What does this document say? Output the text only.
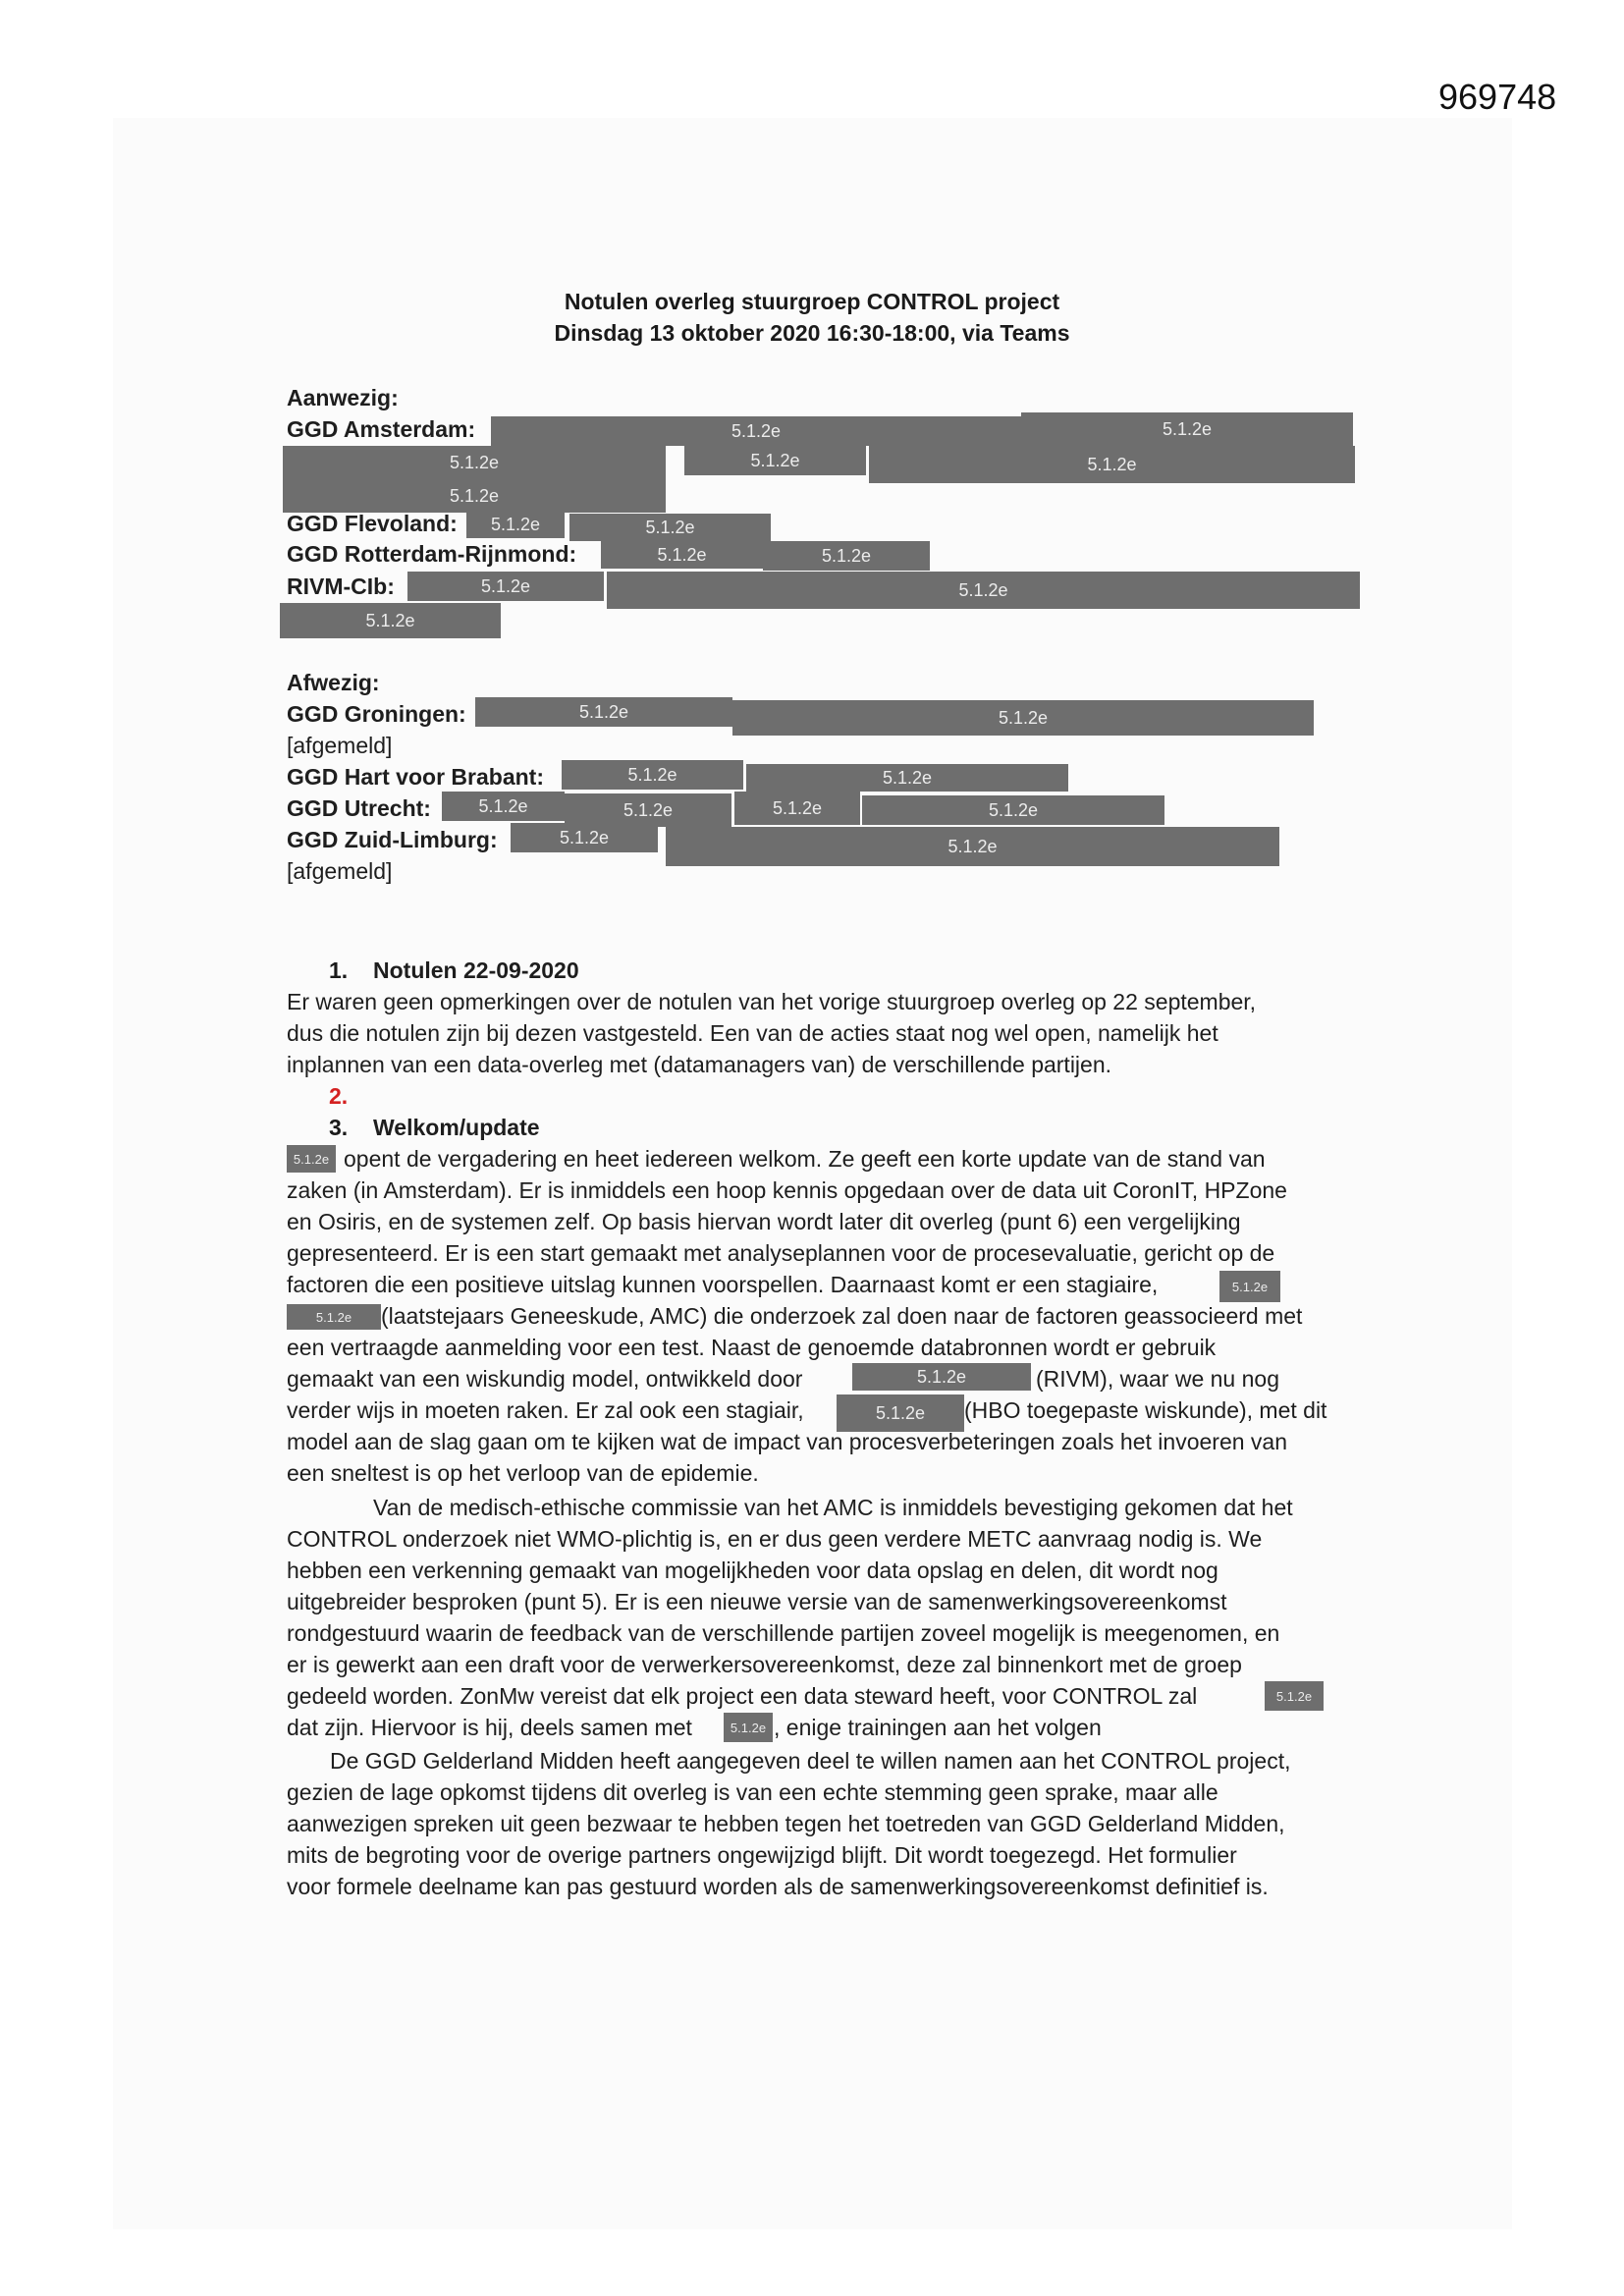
969748
Notulen overleg stuurgroep CONTROL project
Dinsdag 13 oktober 2020 16:30-18:00, via Teams
Aanwezig:
GGD Amsterdam:	5.1.2e	5.1.2e
5.1.2e	5.1.2e	5.1.2e
5.1.2e
GGD Flevoland:	5.1.2e	5.1.2e
GGD Rotterdam-Rijnmond:	5.1.2e	5.1.2e
RIVM-CIb:	5.1.2e	5.1.2e
5.1.2e
Afwezig:
GGD Groningen:	5.1.2e	5.1.2e
[afgemeld]
GGD Hart voor Brabant:	5.1.2e	5.1.2e
GGD Utrecht:	5.1.2e	5.1.2e	5.1.2e	5.1.2e
GGD Zuid-Limburg:	5.1.2e	5.1.2e
[afgemeld]
1. Notulen 22-09-2020
Er waren geen opmerkingen over de notulen van het vorige stuurgroep overleg op 22 september,
dus die notulen zijn bij dezen vastgesteld. Een van de acties staat nog wel open, namelijk het
inplannen van een data-overleg met (datamanagers van) de verschillende partijen.
2.
3. Welkom/update
5.1.2e opent de vergadering en heet iedereen welkom. Ze geeft een korte update van de stand van
zaken (in Amsterdam). Er is inmiddels een hoop kennis opgedaan over de data uit CoronIT, HPZone
en Osiris, en de systemen zelf. Op basis hiervan wordt later dit overleg (punt 6) een vergelijking
gepresenteerd. Er is een start gemaakt met analyseplannen voor de procesevaluatie, gericht op de
factoren die een positieve uitslag kunnen voorspellen. Daarnaast komt er een stagiaire,	5.1.2e
5.1.2e	(laatstejaars Geneeskude, AMC) die onderzoek zal doen naar de factoren geassocieerd met
een vertraagde aanmelding voor een test. Naast de genoemde databronnen wordt er gebruik
gemaakt van een wiskundig model, ontwikkeld door	5.1.2e	(RIVM), waar we nu nog
verder wijs in moeten raken. Er zal ook een stagiair,	5.1.2e	(HBO toegepaste wiskunde), met dit
model aan de slag gaan om te kijken wat de impact van procesverbeteringen zoals het invoeren van
een sneltest is op het verloop van de epidemie.
Van de medisch-ethische commissie van het AMC is inmiddels bevestiging gekomen dat het
CONTROL onderzoek niet WMO-plichtig is, en er dus geen verdere METC aanvraag nodig is. We
hebben een verkenning gemaakt van mogelijkheden voor data opslag en delen, dit wordt nog
uitgebreider besproken (punt 5). Er is een nieuwe versie van de samenwerkingsovereenkomst
rondgestuurd waarin de feedback van de verschillende partijen zoveel mogelijk is meegenomen, en
er is gewerkt aan een draft voor de verwerkersovereenkomst, deze zal binnenkort met de groep
gedeeld worden. ZonMw vereist dat elk project een data steward heeft, voor CONTROL zal	5.1.2e
dat zijn. Hiervoor is hij, deels samen met	5.1.2e , enige trainingen aan het volgen
De GGD Gelderland Midden heeft aangegeven deel te willen namen aan het CONTROL project,
gezien de lage opkomst tijdens dit overleg is van een echte stemming geen sprake, maar alle
aanwezigen spreken uit geen bezwaar te hebben tegen het toetreden van GGD Gelderland Midden,
mits de begroting voor de overige partners ongewijzigd blijft. Dit wordt toegezegd. Het formulier
voor formele deelname kan pas gestuurd worden als de samenwerkingsovereenkomst definitief is.
